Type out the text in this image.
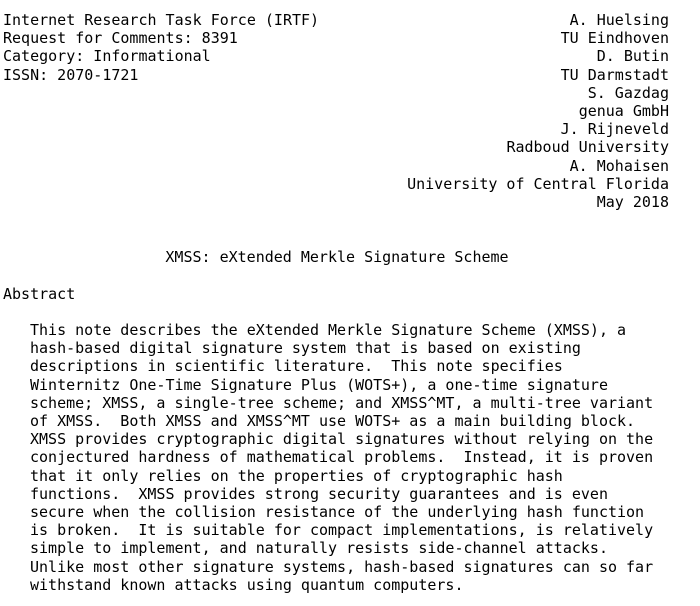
Internet Research Task Force (IRTF)
Request for Comments: 8391
Category: Informational
ISSN: 2070-1721
A. Huelsing
TU Eindhoven
D. Butin
TU Darmstadt
S. Gazdag
genua GmbH
J. Rijneveld
Radboud University
A. Mohaisen
University of Central Florida
May 2018
XMSS: eXtended Merkle Signature Scheme
Abstract
This note describes the eXtended Merkle Signature Scheme (XMSS), a
hash-based digital signature system that is based on existing
descriptions in scientific literature.  This note specifies
Winternitz One-Time Signature Plus (WOTS+), a one-time signature
scheme; XMSS, a single-tree scheme; and XMSS^MT, a multi-tree variant
of XMSS.  Both XMSS and XMSS^MT use WOTS+ as a main building block.
XMSS provides cryptographic digital signatures without relying on the
conjectured hardness of mathematical problems.  Instead, it is proven
that it only relies on the properties of cryptographic hash
functions.  XMSS provides strong security guarantees and is even
secure when the collision resistance of the underlying hash function
is broken.  It is suitable for compact implementations, is relatively
simple to implement, and naturally resists side-channel attacks.
Unlike most other signature systems, hash-based signatures can so far
withstand known attacks using quantum computers.
